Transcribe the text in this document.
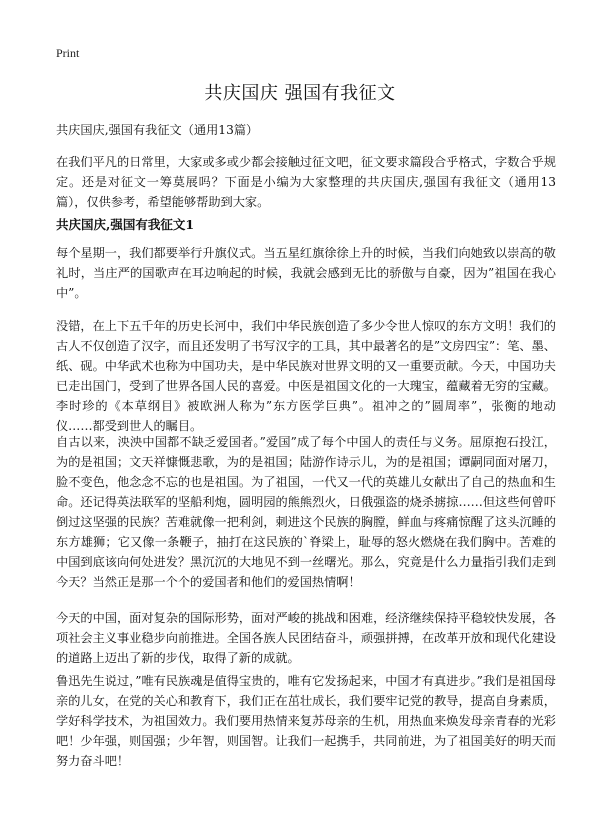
Print
共庆国庆 强国有我征文

共庆国庆,强国有我征文（通用13篇）

在我们平凡的日常里，大家或多或少都会接触过征文吧，征文要求篇段合乎格式，字数合乎规定。还是对征文一筹莫展吗？下面是小编为大家整理的共庆国庆,强国有我征文（通用13篇），仅供参考，希望能够帮助到大家。

共庆国庆,强国有我征文1

每个星期一，我们都要举行升旗仪式。当五星红旗徐徐上升的时候，当我们向她致以崇高的敬礼时，当庄严的国歌声在耳边响起的时候，我就会感到无比的骄傲与自豪，因为”祖国在我心中”。

没错，在上下五千年的历史长河中，我们中华民族创造了多少令世人惊叹的东方文明！我们的古人不仅创造了汉字，而且还发明了书写汉字的工具，其中最著名的是”文房四宝”：笔、墨、纸、砚。中华武术也称为中国功夫，是中华民族对世界文明的又一重要贡献。今天，中国功夫已走出国门，受到了世界各国人民的喜爱。中医是祖国文化的一大瑰宝，蕴藏着无穷的宝藏。李时珍的《本草纲目》被欧洲人称为”东方医学巨典”。祖冲之的”圆周率”，张衡的地动仪……都受到世人的瞩目。

自古以来，泱泱中国都不缺乏爱国者。”爱国”成了每个中国人的责任与义务。屈原抱石投江，为的是祖国；文天祥慷慨悲歌，为的是祖国；陆游作诗示儿，为的是祖国；谭嗣同面对屠刀，脸不变色，他念念不忘的也是祖国。为了祖国，一代又一代的英雄儿女献出了自己的热血和生命。还记得英法联军的坚船利炮，圆明园的熊熊烈火，日俄强盗的烧杀掳掠……但这些何曾吓倒过这坚强的民族？苦难就像一把利剑，刺进这个民族的胸膛，鲜血与疼痛惊醒了这头沉睡的东方雄狮；它又像一条鞭子，抽打在这民族的`脊梁上，耻辱的怒火燃烧在我们胸中。苦难的中国到底该向何处进发？黑沉沉的大地见不到一丝曙光。那么，究竟是什么力量指引我们走到今天？当然正是那一个个的爱国者和他们的爱国热情啊！

今天的中国，面对复杂的国际形势，面对严峻的挑战和困难，经济继续保持平稳较快发展，各项社会主义事业稳步向前推进。全国各族人民团结奋斗，顽强拼搏，在改革开放和现代化建设的道路上迈出了新的步伐，取得了新的成就。

鲁迅先生说过，”唯有民族魂是值得宝贵的，唯有它发扬起来，中国才有真进步。”我们是祖国母亲的儿女，在党的关心和教育下，我们正在茁壮成长，我们要牢记党的教导，提高自身素质，学好科学技术，为祖国效力。我们要用热情来复苏母亲的生机，用热血来焕发母亲青春的光彩吧！少年强，则国强；少年智，则国智。让我们一起携手，共同前进，为了祖国美好的明天而努力奋斗吧！
